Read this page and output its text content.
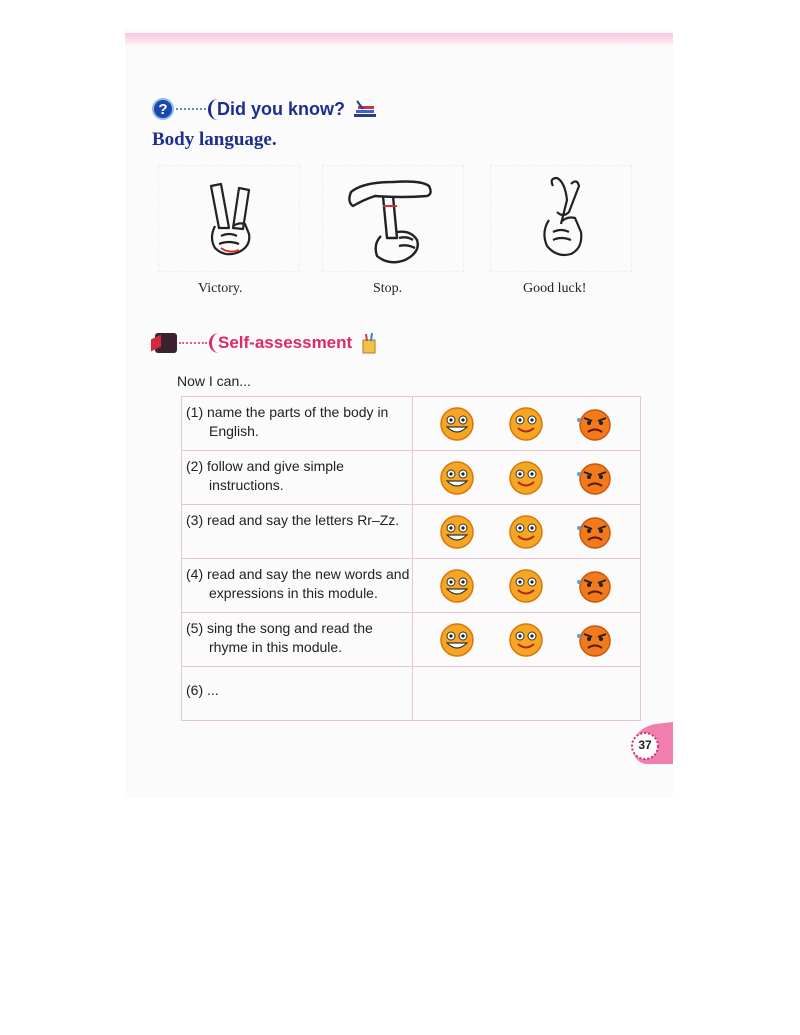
?	Did you know?
Body language.
Victory.	Stop.	Good luck!
Self-assessment
Now I can...
(1) name the parts of the body in English.

(2) follow and give simple instructions.

(3) read and say the letters Rr–Zz.

(4) read and say the new words and expressions in this module.

(5) sing the song and read the rhyme in this module.

(6) ...	

37
